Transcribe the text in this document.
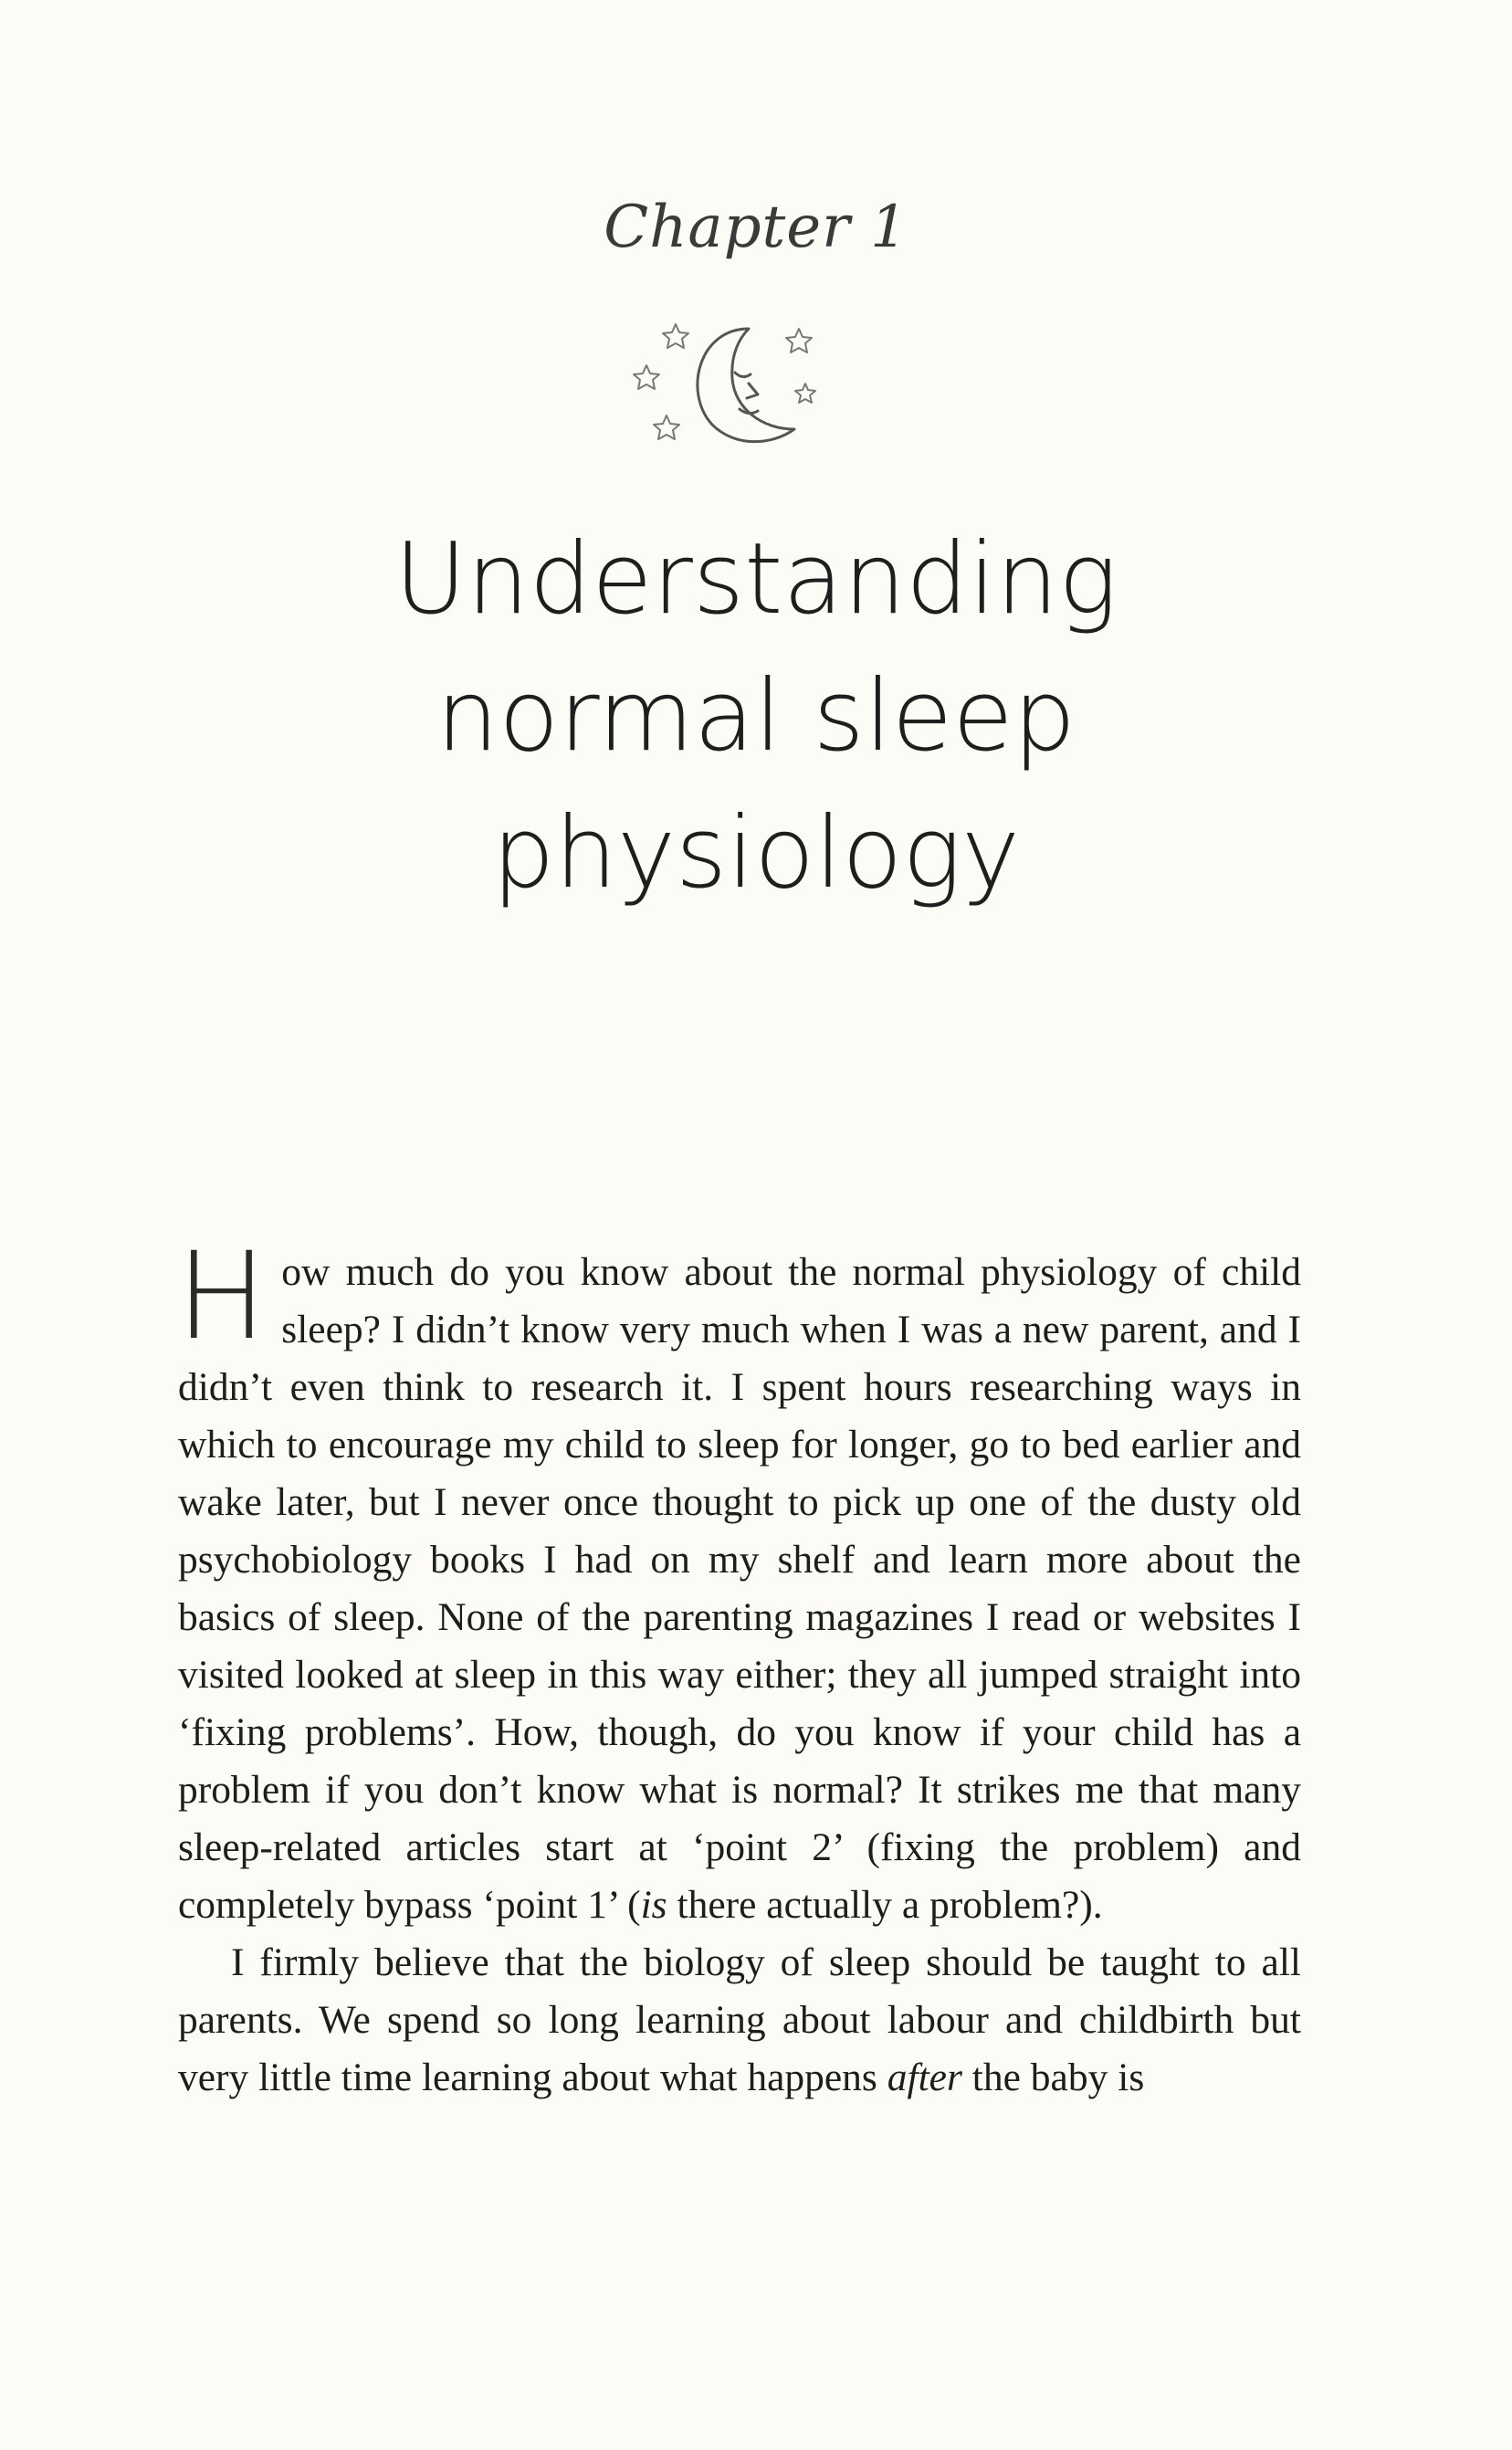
Chapter 1
Understanding
normal sleep
physiology

How much do you know about the normal physiology of child sleep? I didn’t know very much when I was a new parent, and I didn’t even think to research it. I spent hours researching ways in which to encourage my child to sleep for longer, go to bed earlier and wake later, but I never once thought to pick up one of the dusty old psychobiology books I had on my shelf and learn more about the basics of sleep. None of the parenting magazines I read or websites I visited looked at sleep in this way either; they all jumped straight into ‘fixing problems’. How, though, do you know if your child has a problem if you don’t know what is normal? It strikes me that many sleep-related articles start at ‘point 2’ (fixing the problem) and completely bypass ‘point 1’ (is there actually a problem?).

I firmly believe that the biology of sleep should be taught to all parents. We spend so long learning about labour and childbirth but very little time learning about what happens after the baby is
